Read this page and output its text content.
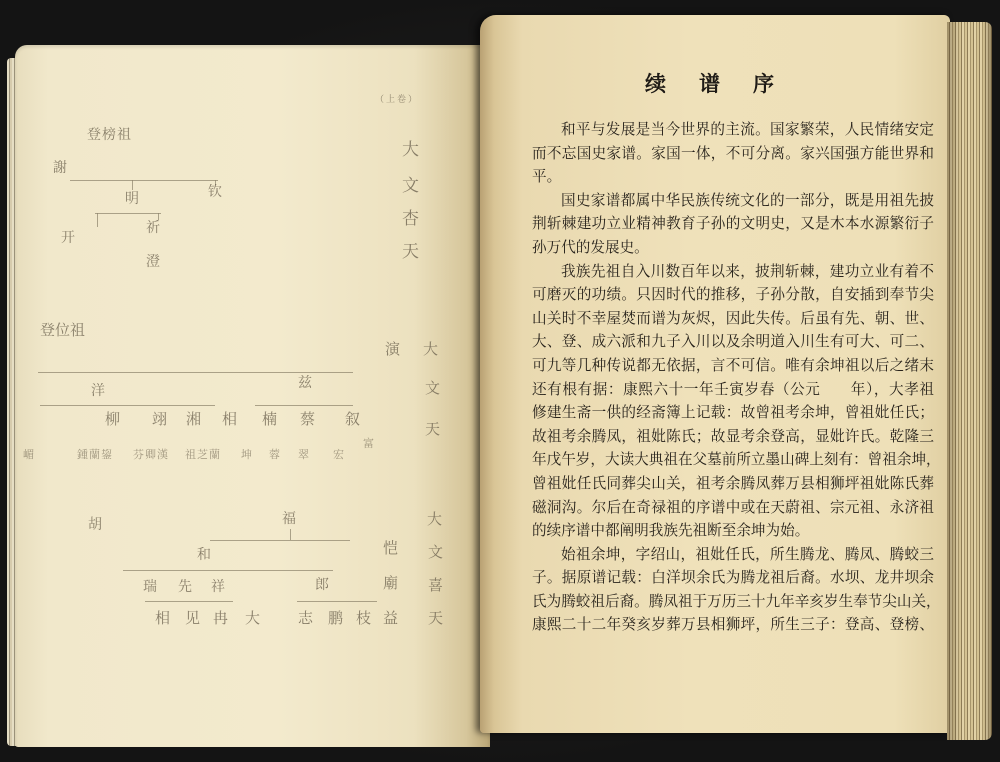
（上卷）
登榜祖
謝
明	钦
开
祈
澄
大
文
杏
天
登位祖
洋	兹
叙
蔡
楠
相
湘
翊
柳
嵋	鍾蘭鋆 芬卿漢 祖芝蘭 坤 蓉 翠 宏
富
演 大
文
天
胡	福
和
瑞 先 祥	郎
相 见 冉 大	志 鹏 枝 益
大
文
喜
天
恺
廟
续谱序
和平与发展是当今世界的主流。国家繁荣，人民情绪安定
而不忘国史家谱。家国一体，不可分离。家兴国强方能世界和
平。
国史家谱都属中华民族传统文化的一部分，既是用祖先披
荆斩棘建功立业精神教育子孙的文明史，又是木本水源繁衍子
孙万代的发展史。
我族先祖自入川数百年以来，披荆斩棘，建功立业有着不
可磨灭的功绩。只因时代的推移，子孙分散，自安插到奉节尖
山关时不幸屋焚而谱为灰烬，因此失传。后虽有先、朝、世、
大、登、成六派和九子入川以及余明道入川生有可大、可二、
可九等几种传说都无依据，言不可信。唯有余坤祖以后之绪末
还有根有据：康熙六十一年壬寅岁春（公元　　年），大孝祖
修建生斋一供的经斋簿上记载：故曾祖考余坤，曾祖妣任氏；
故祖考余腾凤，祖妣陈氏；故显考余登高，显妣许氏。乾隆三
年戊午岁，大读大典祖在父墓前所立墨山碑上刻有：曾祖余坤，
曾祖妣任氏同葬尖山关，祖考余腾凤葬万县相狮坪祖妣陈氏葬
磁洞沟。尔后在奇禄祖的序谱中或在天蔚祖、宗元祖、永济祖
的续序谱中都阐明我族先祖断至余坤为始。
始祖余坤，字绍山，祖妣任氏，所生腾龙、腾凤、腾蛟三
子。据原谱记载：白洋坝余氏为腾龙祖后裔。水坝、龙井坝余
氏为腾蛟祖后裔。腾凤祖于万历三十九年辛亥岁生奉节尖山关，
康熙二十二年癸亥岁葬万县相狮坪，所生三子：登高、登榜、
